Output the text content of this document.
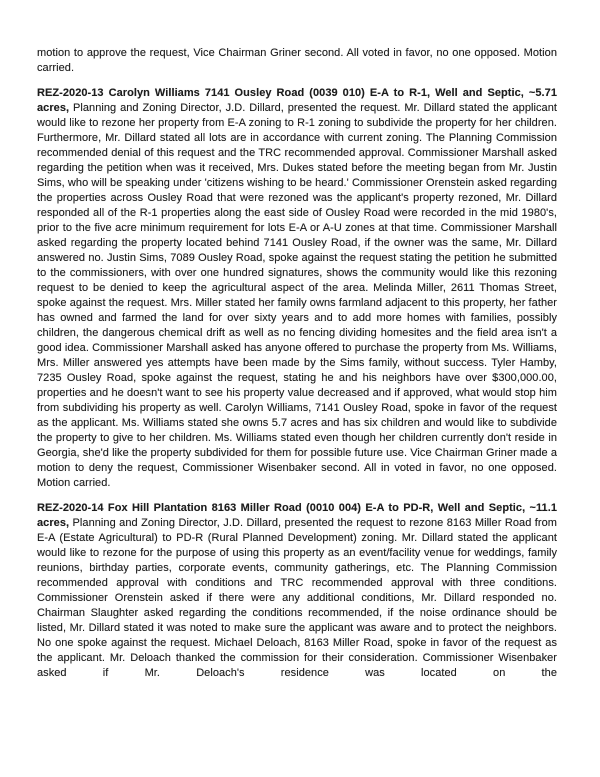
motion to approve the request, Vice Chairman Griner second. All voted in favor, no one opposed. Motion carried.

REZ-2020-13 Carolyn Williams 7141 Ousley Road (0039 010) E-A to R-1, Well and Septic, ~5.71 acres, Planning and Zoning Director, J.D. Dillard, presented the request. Mr. Dillard stated the applicant would like to rezone her property from E-A zoning to R-1 zoning to subdivide the property for her children. Furthermore, Mr. Dillard stated all lots are in accordance with current zoning. The Planning Commission recommended denial of this request and the TRC recommended approval. Commissioner Marshall asked regarding the petition when was it received, Mrs. Dukes stated before the meeting began from Mr. Justin Sims, who will be speaking under 'citizens wishing to be heard.' Commissioner Orenstein asked regarding the properties across Ousley Road that were rezoned was the applicant's property rezoned, Mr. Dillard responded all of the R-1 properties along the east side of Ousley Road were recorded in the mid 1980's, prior to the five acre minimum requirement for lots E-A or A-U zones at that time. Commissioner Marshall asked regarding the property located behind 7141 Ousley Road, if the owner was the same, Mr. Dillard answered no. Justin Sims, 7089 Ousley Road, spoke against the request stating the petition he submitted to the commissioners, with over one hundred signatures, shows the community would like this rezoning request to be denied to keep the agricultural aspect of the area. Melinda Miller, 2611 Thomas Street, spoke against the request. Mrs. Miller stated her family owns farmland adjacent to this property, her father has owned and farmed the land for over sixty years and to add more homes with families, possibly children, the dangerous chemical drift as well as no fencing dividing homesites and the field area isn't a good idea. Commissioner Marshall asked has anyone offered to purchase the property from Ms. Williams, Mrs. Miller answered yes attempts have been made by the Sims family, without success. Tyler Hamby, 7235 Ousley Road, spoke against the request, stating he and his neighbors have over $300,000.00, properties and he doesn't want to see his property value decreased and if approved, what would stop him from subdividing his property as well. Carolyn Williams, 7141 Ousley Road, spoke in favor of the request as the applicant. Ms. Williams stated she owns 5.7 acres and has six children and would like to subdivide the property to give to her children. Ms. Williams stated even though her children currently don't reside in Georgia, she'd like the property subdivided for them for possible future use. Vice Chairman Griner made a motion to deny the request, Commissioner Wisenbaker second. All in voted in favor, no one opposed. Motion carried.

REZ-2020-14 Fox Hill Plantation 8163 Miller Road (0010 004) E-A to PD-R, Well and Septic, ~11.1 acres, Planning and Zoning Director, J.D. Dillard, presented the request to rezone 8163 Miller Road from E-A (Estate Agricultural) to PD-R (Rural Planned Development) zoning. Mr. Dillard stated the applicant would like to rezone for the purpose of using this property as an event/facility venue for weddings, family reunions, birthday parties, corporate events, community gatherings, etc. The Planning Commission recommended approval with conditions and TRC recommended approval with three conditions. Commissioner Orenstein asked if there were any additional conditions, Mr. Dillard responded no. Chairman Slaughter asked regarding the conditions recommended, if the noise ordinance should be listed, Mr. Dillard stated it was noted to make sure the applicant was aware and to protect the neighbors. No one spoke against the request. Michael Deloach, 8163 Miller Road, spoke in favor of the request as the applicant. Mr. Deloach thanked the commission for their consideration. Commissioner Wisenbaker asked if Mr. Deloach's residence was located on the
